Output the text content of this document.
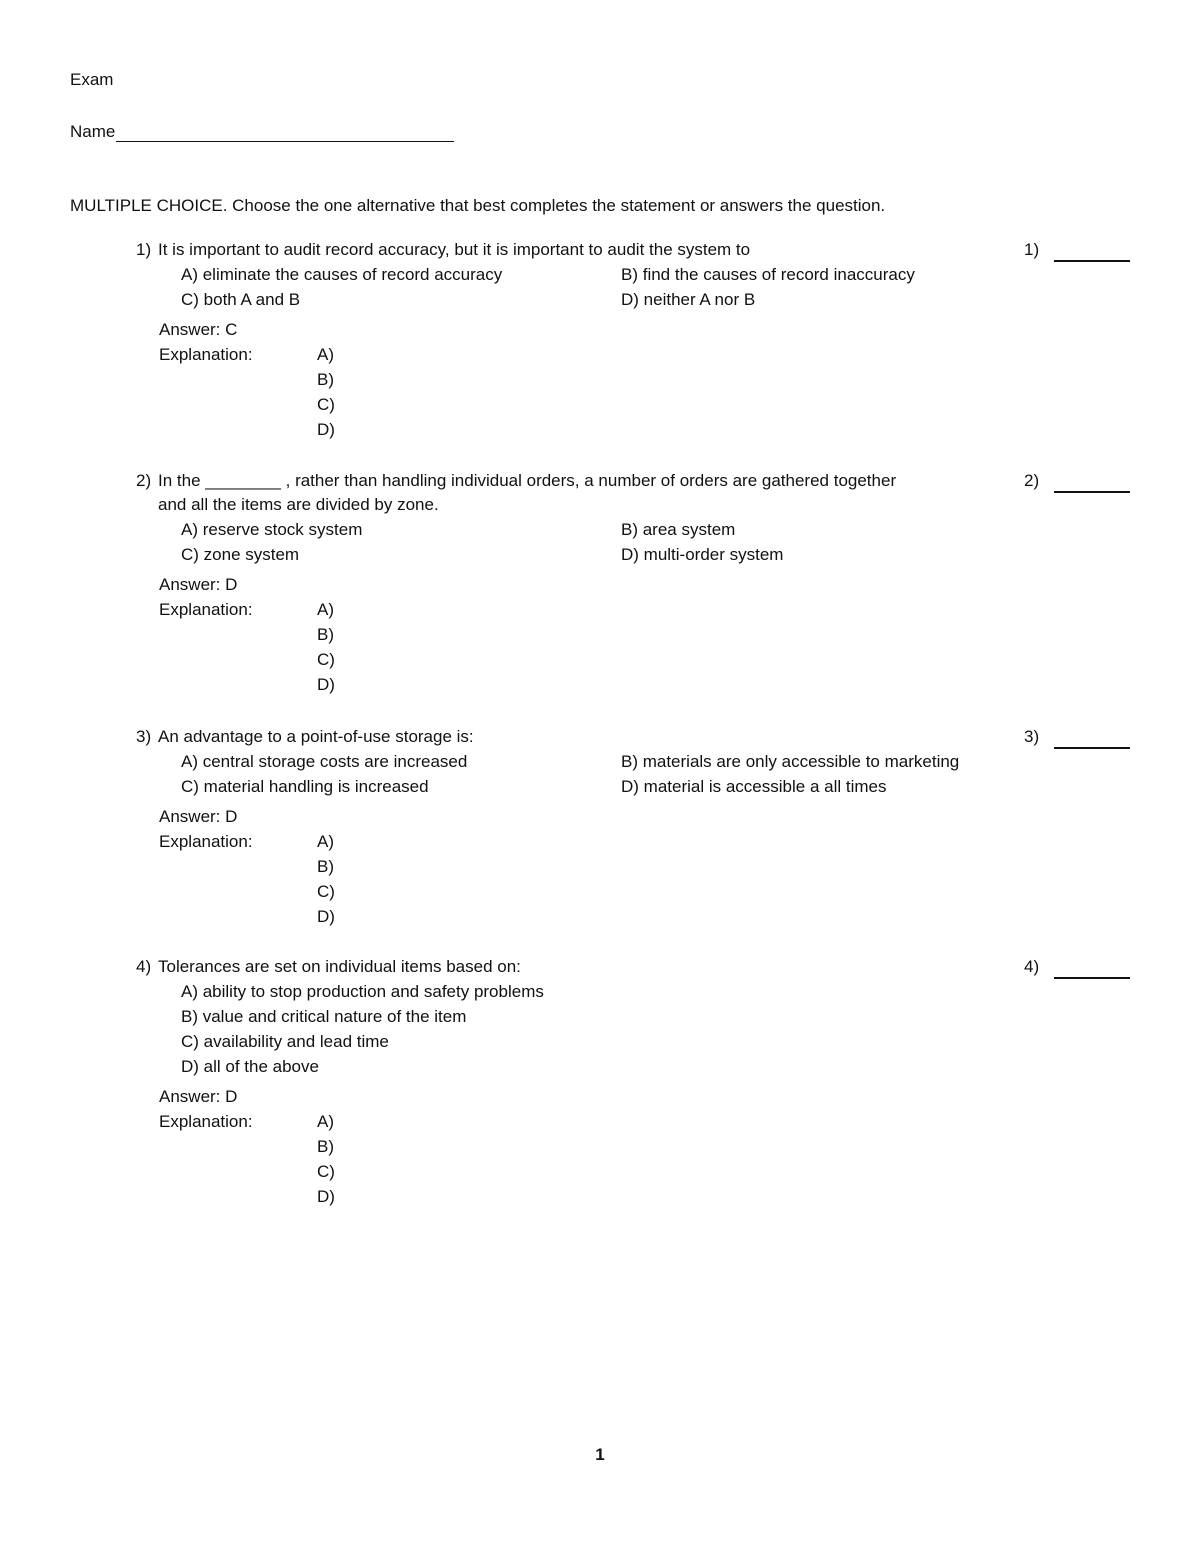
Exam
Name
MULTIPLE CHOICE. Choose the one alternative that best completes the statement or answers the question.
1) It is important to audit record accuracy, but it is important to audit the system to	1)
A) eliminate the causes of record accuracy	B) find the causes of record inaccuracy
C) both A and B	D) neither A nor B
Answer: C
Explanation:	A)
B)
C)
D)
2) In the ________ , rather than handling individual orders, a number of orders are gathered together	2)
and all the items are divided by zone.
A) reserve stock system	B) area system
C) zone system	D) multi-order system
Answer: D
Explanation:	A)
B)
C)
D)
3) An advantage to a point-of-use storage is:	3)
A) central storage costs are increased	B) materials are only accessible to marketing
C) material handling is increased	D) material is accessible a all times
Answer: D
Explanation:	A)
B)
C)
D)
4) Tolerances are set on individual items based on:	4)
A) ability to stop production and safety problems
B) value and critical nature of the item
C) availability and lead time
D) all of the above
Answer: D
Explanation:	A)
B)
C)
D)
1
